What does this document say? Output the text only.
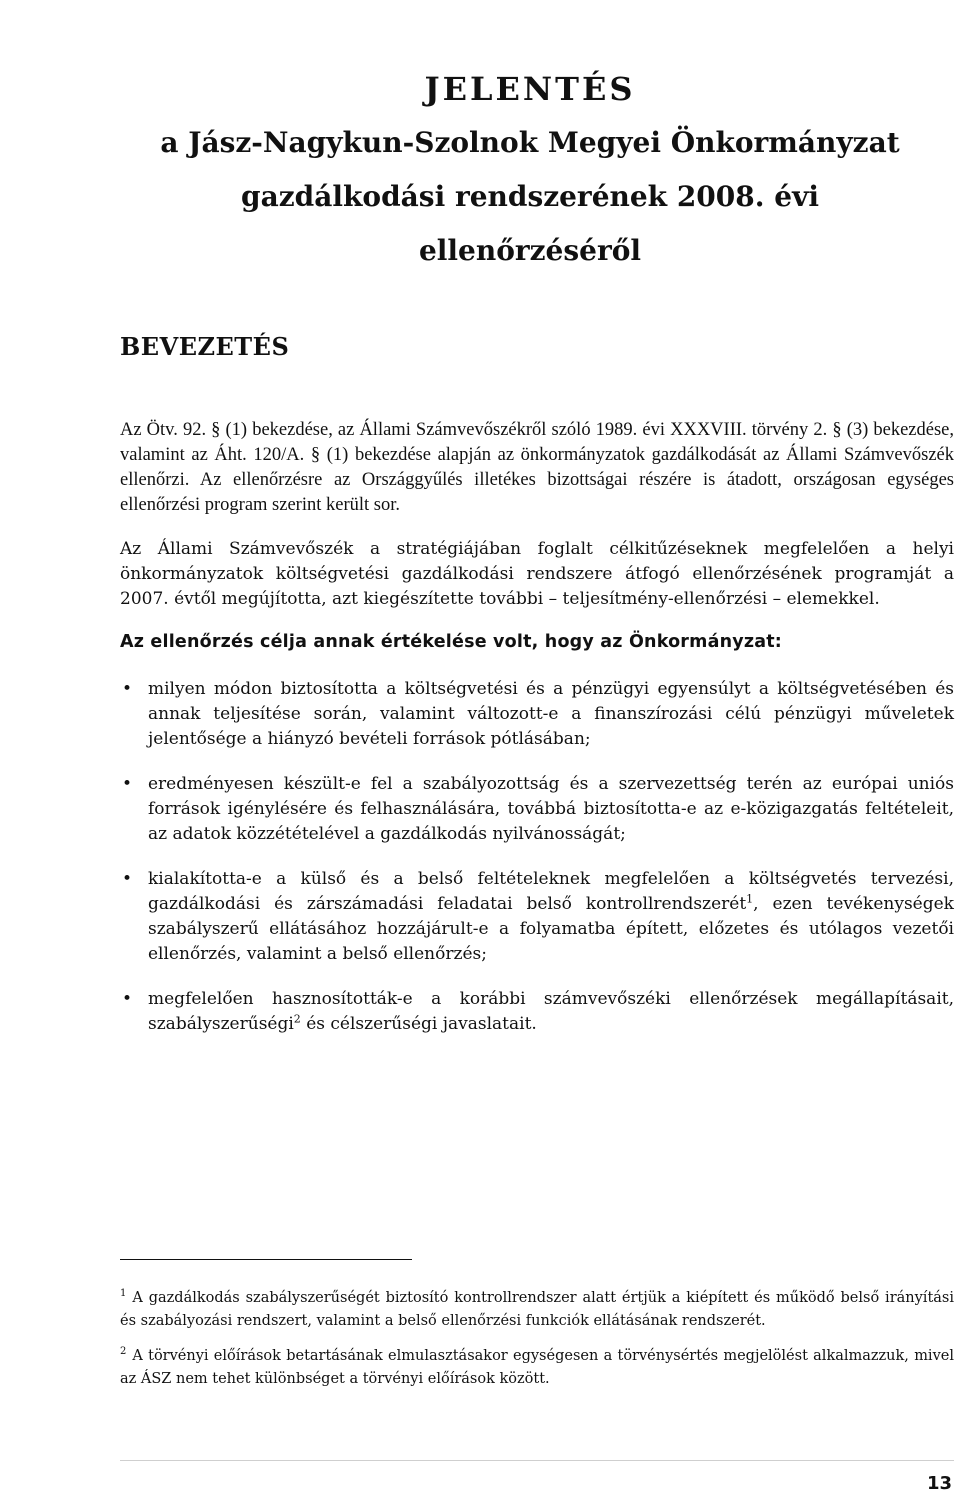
JELENTÉS
a Jász-Nagykun-Szolnok Megyei Önkormányzat
gazdálkodási rendszerének 2008. évi
ellenőrzéséről
BEVEZETÉS

Az Ötv. 92. § (1) bekezdése, az Állami Számvevőszékről szóló 1989. évi XXXVIII. törvény 2. § (3) bekezdése, valamint az Áht. 120/A. § (1) bekezdése alapján az önkormányzatok gazdálkodását az Állami Számvevőszék ellenőrzi. Az ellenőrzésre az Országgyűlés illetékes bizottságai részére is átadott, országosan egységes ellenőrzési program szerint került sor.

Az Állami Számvevőszék a stratégiájában foglalt célkitűzéseknek megfelelően a helyi önkormányzatok költségvetési gazdálkodási rendszere átfogó ellenőrzésének programját a 2007. évtől megújította, azt kiegészítette további – teljesítmény-ellenőrzési – elemekkel.

Az ellenőrzés célja annak értékelése volt, hogy az Önkormányzat:

• milyen módon biztosította a költségvetési és a pénzügyi egyensúlyt a költségvetésében és annak teljesítése során, valamint változott-e a finanszírozási célú pénzügyi műveletek jelentősége a hiányzó bevételi források pótlásában;
• eredményesen készült-e fel a szabályozottság és a szervezettség terén az európai uniós források igénylésére és felhasználására, továbbá biztosította-e az e-közigazgatás feltételeit, az adatok közzétételével a gazdálkodás nyilvánosságát;
• kialakította-e a külső és a belső feltételeknek megfelelően a költségvetés tervezési, gazdálkodási és zárszámadási feladatai belső kontrollrendszerét$^1$, ezen tevékenységek szabályszerű ellátásához hozzájárult-e a folyamatba épített, előzetes és utólagos vezetői ellenőrzés, valamint a belső ellenőrzés;
• megfelelően hasznosították-e a korábbi számvevőszéki ellenőrzések megállapításait, szabályszerűségi$^2$ és célszerűségi javaslatait.

$^1$ A gazdálkodás szabályszerűségét biztosító kontrollrendszer alatt értjük a kiépített és működő belső irányítási és szabályozási rendszert, valamint a belső ellenőrzési funkciók ellátásának rendszerét.

$^2$ A törvényi előírások betartásának elmulasztásakor egységesen a törvénysértés megjelölést alkalmazzuk, mivel az ÁSZ nem tehet különbséget a törvényi előírások között.

13
